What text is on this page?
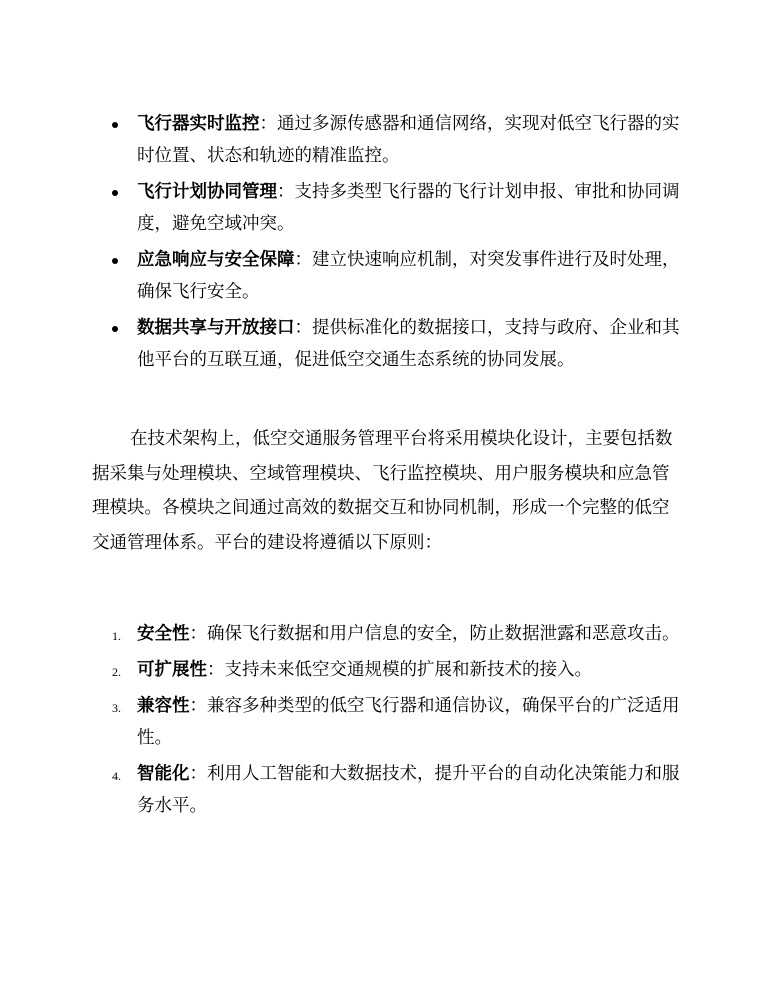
飞行器实时监控：通过多源传感器和通信网络，实现对低空飞行器的实时位置、状态和轨迹的精准监控。
飞行计划协同管理：支持多类型飞行器的飞行计划申报、审批和协同调度，避免空域冲突。
应急响应与安全保障：建立快速响应机制，对突发事件进行及时处理，确保飞行安全。
数据共享与开放接口：提供标准化的数据接口，支持与政府、企业和其他平台的互联互通，促进低空交通生态系统的协同发展。

在技术架构上，低空交通服务管理平台将采用模块化设计，主要包括数据采集与处理模块、空域管理模块、飞行监控模块、用户服务模块和应急管理模块。各模块之间通过高效的数据交互和协同机制，形成一个完整的低空交通管理体系。平台的建设将遵循以下原则：

1. 安全性：确保飞行数据和用户信息的安全，防止数据泄露和恶意攻击。
2. 可扩展性：支持未来低空交通规模的扩展和新技术的接入。
3. 兼容性：兼容多种类型的低空飞行器和通信协议，确保平台的广泛适用性。
4. 智能化：利用人工智能和大数据技术，提升平台的自动化决策能力和服务水平。
